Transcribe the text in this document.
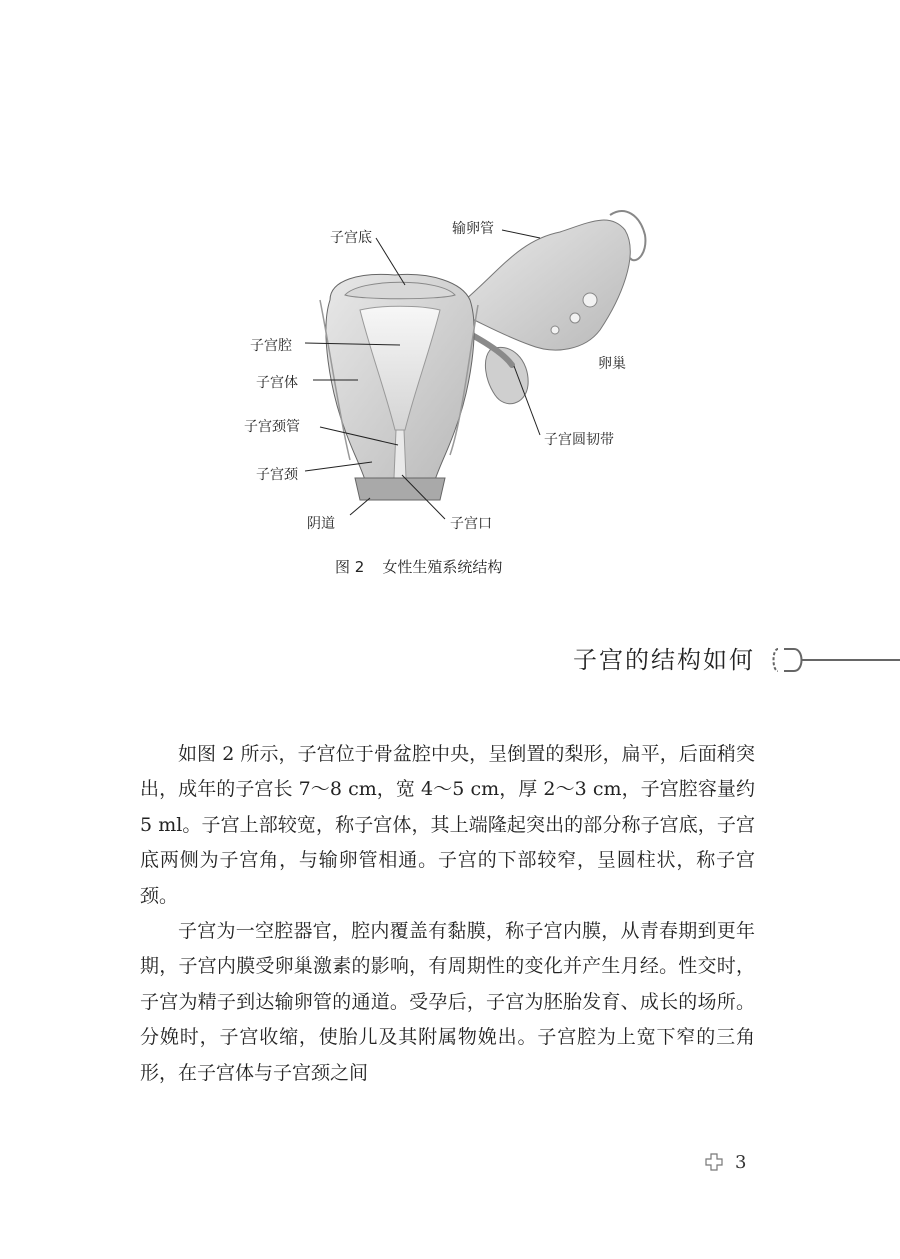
子宫底
输卵管
子宫腔
子宫体
卵巢
子宫颈管
子宫圆韧带
子宫颈
阴道	子宫口
图 2 女性生殖系统结构
子宫的结构如何

如图 2 所示，子宫位于骨盆腔中央，呈倒置的梨形，扁平，后面稍突出，成年的子宫长 7～8 cm，宽 4～5 cm，厚 2～3 cm，子宫腔容量约 5 ml。子宫上部较宽，称子宫体，其上端隆起突出的部分称子宫底，子宫底两侧为子宫角，与输卵管相通。子宫的下部较窄，呈圆柱状，称子宫颈。

子宫为一空腔器官，腔内覆盖有黏膜，称子宫内膜，从青春期到更年期，子宫内膜受卵巢激素的影响，有周期性的变化并产生月经。性交时，子宫为精子到达输卵管的通道。受孕后，子宫为胚胎发育、成长的场所。分娩时，子宫收缩，使胎儿及其附属物娩出。子宫腔为上宽下窄的三角形，在子宫体与子宫颈之间

3
